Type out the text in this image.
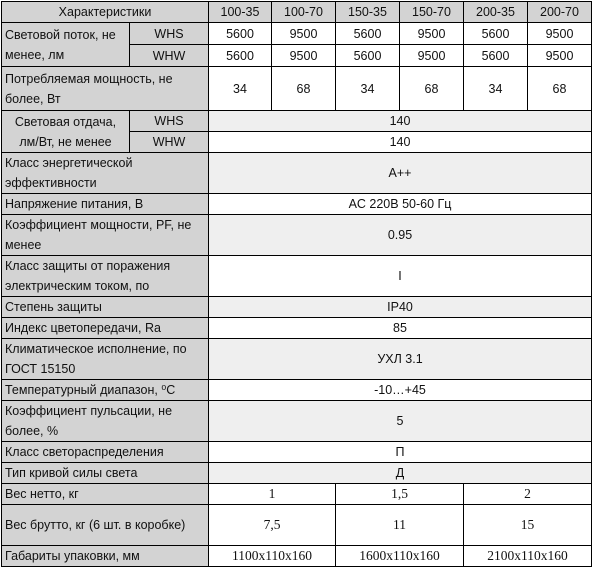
Характеристики		100-35	100-70	150-35	150-70	200-35	200-70
Световой поток, не менее, лм	WHS	5600	9500	5600	9500	5600	9500
	WHW	5600	9500	5600	9500	5600	9500
Потребляемая мощность, не более, Вт		34	68	34	68	34	68
Световая отдача, лм/Вт, не менее	WHS	140					
	WHW	140					
Класс энергетической эффективности		A++					
Напряжение питания, В		AC 220В 50-60 Гц					
Коэффициент мощности, PF, не менее		0.95					
Класс защиты от поражения электрическим током, по		I					
Степень защиты		IP40					
Индекс цветопередачи, Ra		85					
Климатическое исполнение, по ГОСТ 15150		УХЛ 3.1					
Температурный диапазон, ⁰С		-10…+45					
Коэффициент пульсации, не более, %		5					
Класс светораспределения		П					
Тип кривой силы света		Д					
Вес нетто, кг		1		1,5		2	
Вес брутто, кг (6 шт. в коробке)		7,5		11		15	
Габариты упаковки, мм		1100х110х160		1600х110х160		2100х110х160	
